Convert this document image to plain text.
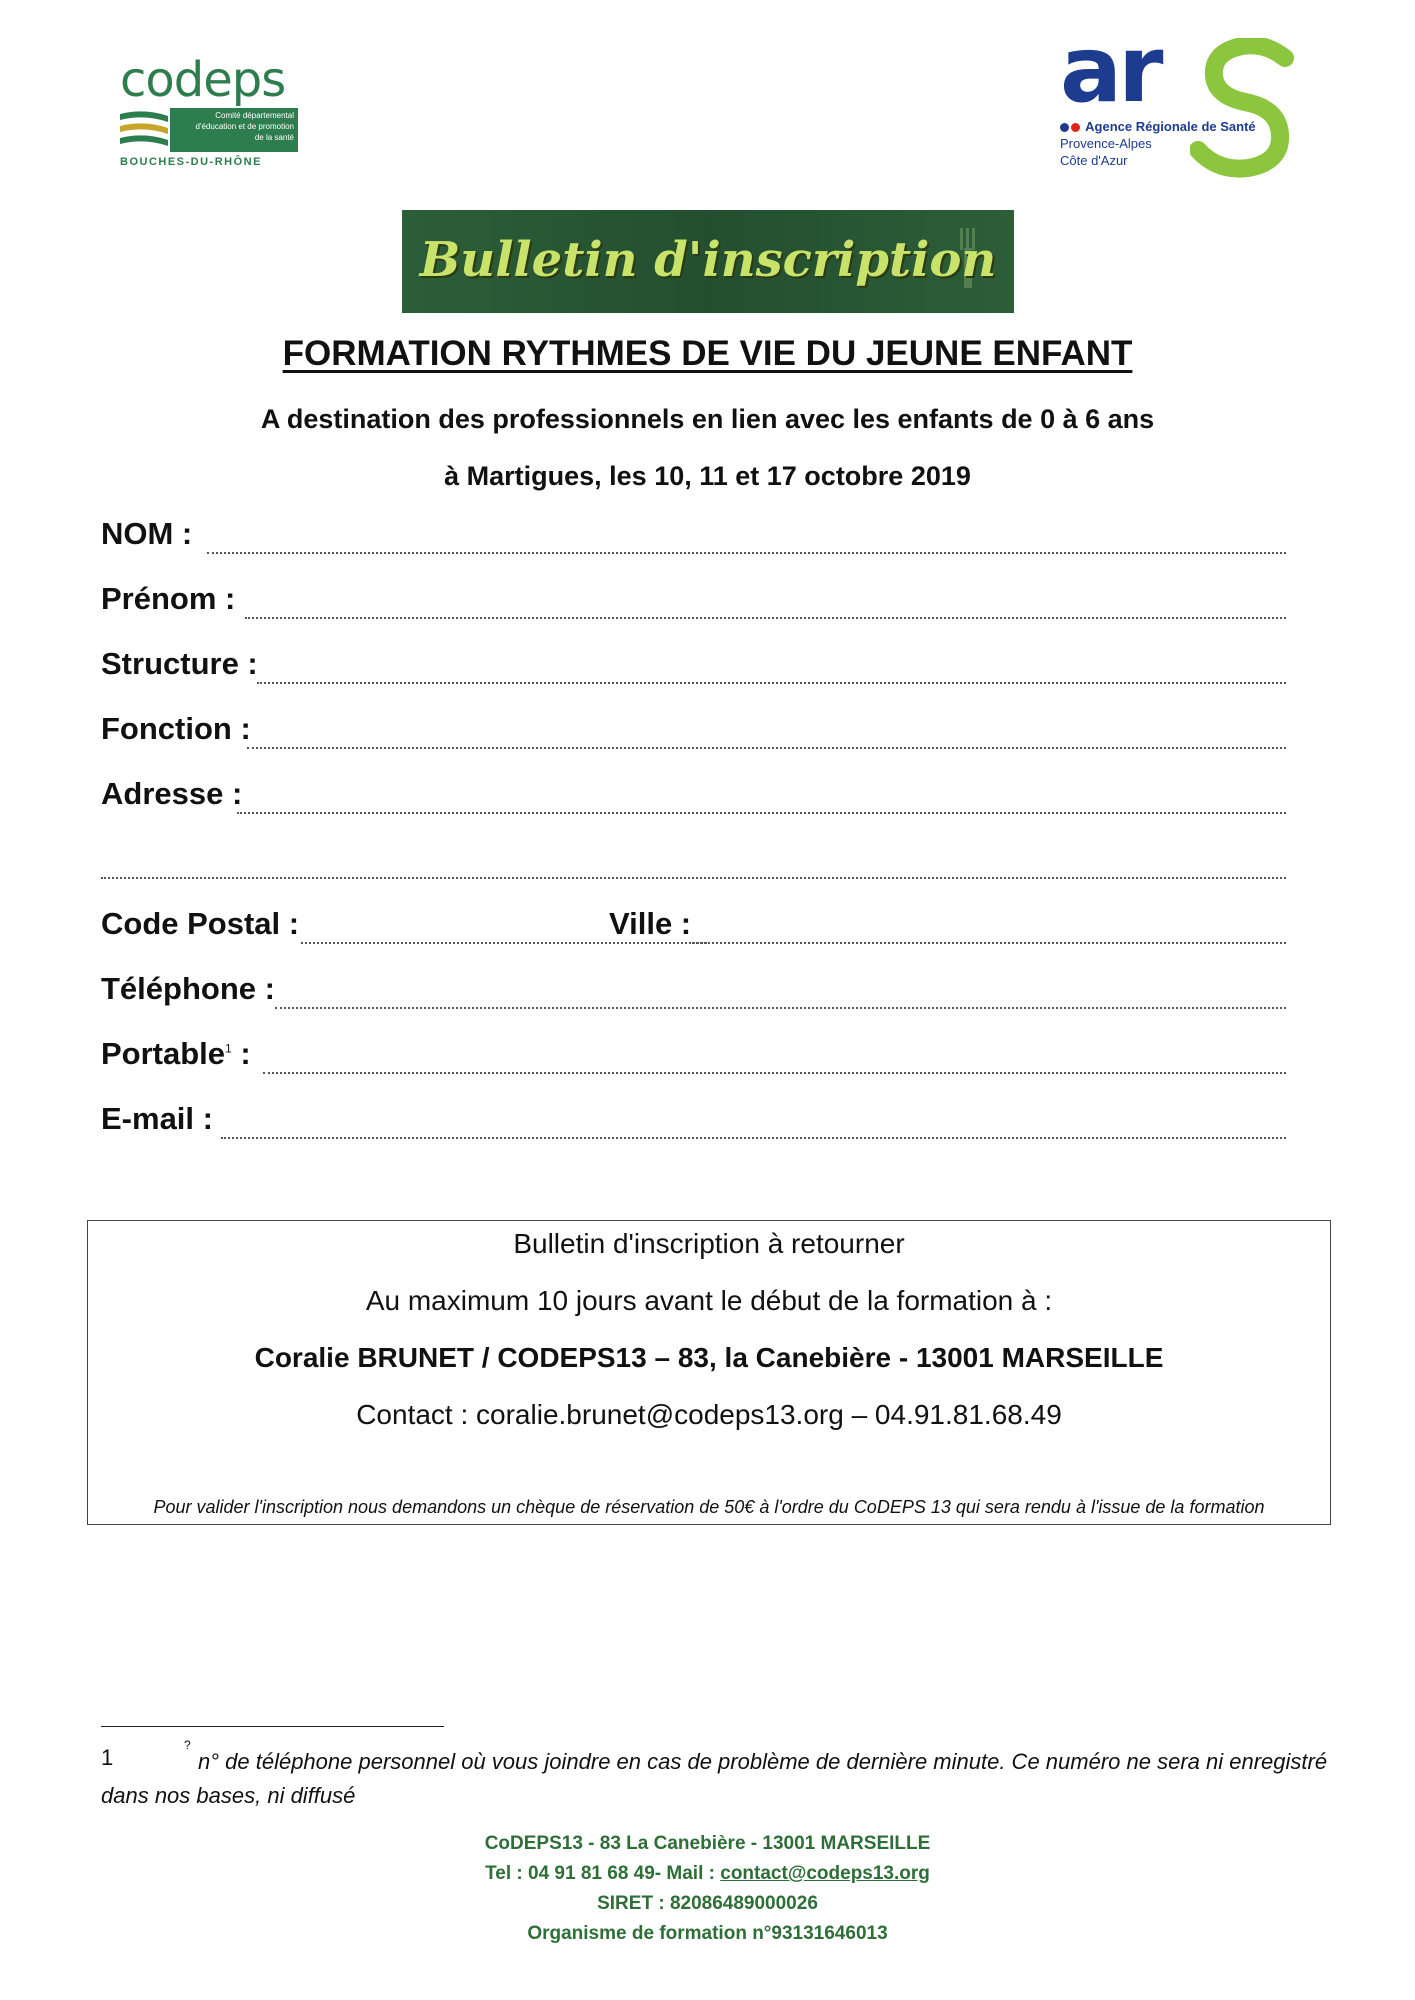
codeps
Comité départemental
d'éducation et de promotion
de la santé
BOUCHES-DU-RHÔNE
ar
Agence Régionale de Santé
Provence-Alpes
Côte d'Azur
Bulletin d'inscription
FORMATION RYTHMES DE VIE DU JEUNE ENFANT
A destination des professionnels en lien avec les enfants de 0 à 6 ans
à Martigues, les 10, 11 et 17 octobre 2019
NOM :
Prénom :
Structure :
Fonction :
Adresse :
Code Postal :	Ville :
Téléphone :
Portable$^1$ :
E-mail :
Bulletin d'inscription à retourner
Au maximum 10 jours avant le début de la formation à :
Coralie BRUNET / CODEPS13 – 83, la Canebière - 13001 MARSEILLE
Contact : coralie.brunet@codeps13.org – 04.91.81.68.49
Pour valider l'inscription nous demandons un chèque de réservation de 50€ à l'ordre du CoDEPS 13 qui sera rendu à l'issue de la formation
1	?
n° de téléphone personnel où vous joindre en cas de problème de dernière minute. Ce numéro ne sera ni enregistré dans nos bases, ni diffusé
CoDEPS13 - 83 La Canebière - 13001 MARSEILLE
Tel : 04 91 81 68 49- Mail : contact@codeps13.org
SIRET : 82086489000026
Organisme de formation n°93131646013
